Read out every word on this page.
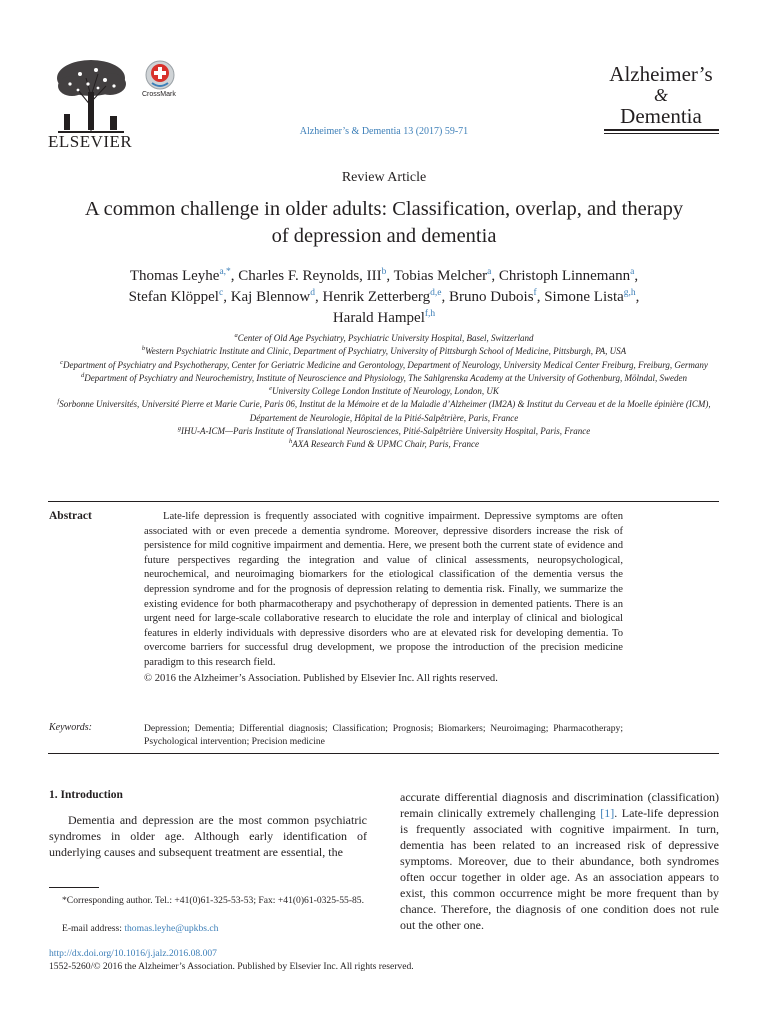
ELSEVIER
CrossMark
Alzheimer’s & Dementia 13 (2017) 59-71
Alzheimer’s
&
Dementia
Review Article
A common challenge in older adults: Classification, overlap, and therapy
of depression and dementia
Thomas Leyhe$^{a,*}$, Charles F. Reynolds, III$^b$, Tobias Melcher$^a$, Christoph Linnemann$^a$,
Stefan Klöppel$^c$, Kaj Blennow$^d$, Henrik Zetterberg$^{d,e}$, Bruno Dubois$^f$, Simone Lista$^{g,h}$,
Harald Hampel$^{f,h}$
$^a$Center of Old Age Psychiatry, Psychiatric University Hospital, Basel, Switzerland
$^b$Western Psychiatric Institute and Clinic, Department of Psychiatry, University of Pittsburgh School of Medicine, Pittsburgh, PA, USA
$^c$Department of Psychiatry and Psychotherapy, Center for Geriatric Medicine and Gerontology, Department of Neurology, University Medical Center Freiburg, Freiburg, Germany
$^d$Department of Psychiatry and Neurochemistry, Institute of Neuroscience and Physiology, The Sahlgrenska Academy at the University of Gothenburg, Mölndal, Sweden
$^e$University College London Institute of Neurology, London, UK
$^f$Sorbonne Universités, Université Pierre et Marie Curie, Paris 06, Institut de la Mémoire et de la Maladie d’Alzheimer (IM2A) & Institut du Cerveau et de la Moelle épinière (ICM), Département de Neurologie, Hôpital de la Pitié-Salpêtrière, Paris, France
$^g$IHU-A-ICM—Paris Institute of Translational Neurosciences, Pitié-Salpêtrière University Hospital, Paris, France
$^h$AXA Research Fund & UPMC Chair, Paris, France
Abstract	Late-life depression is frequently associated with cognitive impairment. Depressive symptoms are often associated with or even precede a dementia syndrome. Moreover, depressive disorders increase the risk of persistence for mild cognitive impairment and dementia. Here, we present both the current state of evidence and future perspectives regarding the integration and value of clinical assessments, neuropsychological, neurochemical, and neuroimaging biomarkers for the etiological classification of the dementia versus the depression syndrome and for the prognosis of depression relating to dementia risk. Finally, we summarize the existing evidence for both pharmacotherapy and psychotherapy of depression in demented patients. There is an urgent need for large-scale collaborative research to elucidate the role and interplay of clinical and biological features in elderly individuals with depressive disorders who are at elevated risk for developing dementia. To overcome barriers for successful drug development, we propose the introduction of the precision medicine paradigm to this research field.
© 2016 the Alzheimer’s Association. Published by Elsevier Inc. All rights reserved.
Keywords:	Depression; Dementia; Differential diagnosis; Classification; Prognosis; Biomarkers; Neuroimaging; Pharmacotherapy; Psychological intervention; Precision medicine
1. Introduction
Dementia and depression are the most common psychiatric syndromes in older age. Although early identification of underlying causes and subsequent treatment are essential, the
*Corresponding author. Tel.: +41(0)61-325-53-53; Fax: +41(0)61-0325-55-85.
E-mail address: thomas.leyhe@upkbs.ch
http://dx.doi.org/10.1016/j.jalz.2016.08.007
1552-5260/© 2016 the Alzheimer’s Association. Published by Elsevier Inc. All rights reserved.
accurate differential diagnosis and discrimination (classification) remain clinically extremely challenging [1]. Late-life depression is frequently associated with cognitive impairment. In turn, dementia has been related to an increased risk of depressive symptoms. Moreover, due to their abundance, both syndromes often occur together in older age. As an association appears to exist, this common occurrence might be more frequent than by chance. Therefore, the diagnosis of one condition does not rule out the other one.
